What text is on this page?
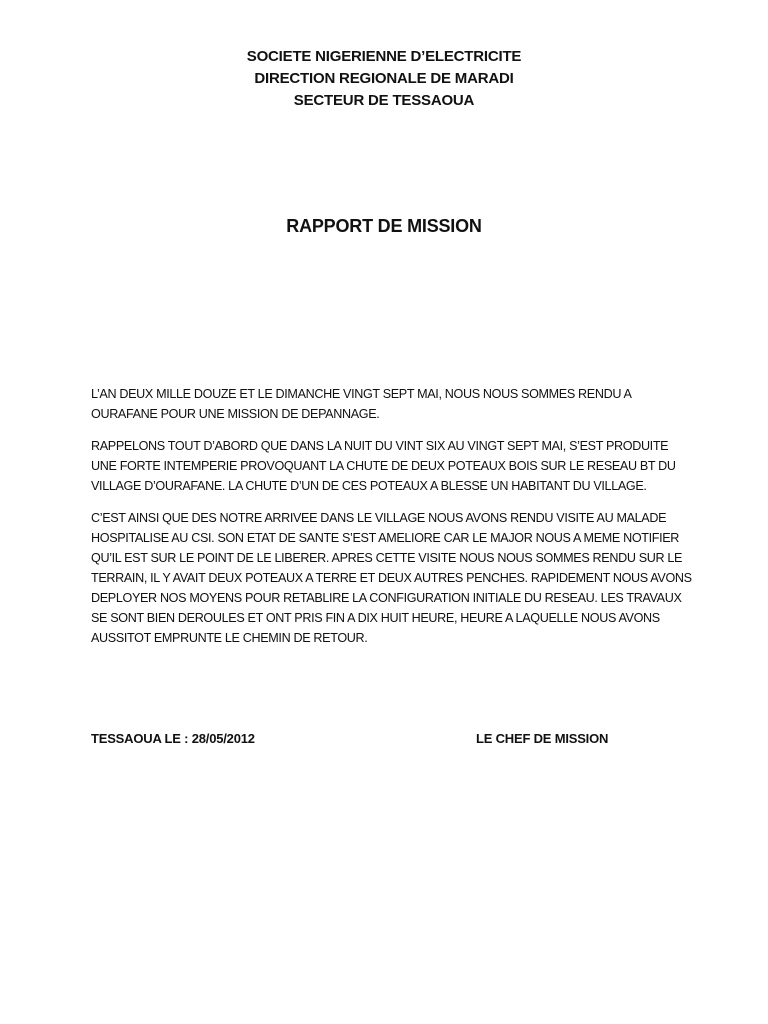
SOCIETE NIGERIENNE D’ELECTRICITE
DIRECTION REGIONALE DE MARADI
SECTEUR DE TESSAOUA
RAPPORT DE MISSION

L’AN DEUX MILLE DOUZE ET LE DIMANCHE VINGT SEPT MAI, NOUS NOUS SOMMES RENDU A
OURAFANE POUR UNE MISSION DE DEPANNAGE.

RAPPELONS TOUT D’ABORD QUE DANS LA NUIT DU VINT SIX AU VINGT SEPT MAI, S’EST PRODUITE
UNE FORTE INTEMPERIE PROVOQUANT LA CHUTE DE DEUX POTEAUX BOIS SUR LE RESEAU BT DU
VILLAGE D’OURAFANE. LA CHUTE D’UN DE CES POTEAUX A BLESSE UN HABITANT DU VILLAGE.

C’EST AINSI QUE DES NOTRE ARRIVEE DANS LE VILLAGE NOUS AVONS RENDU VISITE AU MALADE
HOSPITALISE AU CSI. SON ETAT DE SANTE S’EST AMELIORE CAR LE MAJOR NOUS A MEME NOTIFIER
QU’IL EST SUR LE POINT DE LE LIBERER. APRES CETTE VISITE NOUS NOUS SOMMES RENDU SUR LE
TERRAIN, IL Y AVAIT DEUX POTEAUX A TERRE ET DEUX AUTRES PENCHES. RAPIDEMENT NOUS AVONS
DEPLOYER NOS MOYENS POUR RETABLIRE LA CONFIGURATION INITIALE DU RESEAU. LES TRAVAUX
SE SONT BIEN DEROULES ET ONT PRIS FIN A DIX HUIT HEURE, HEURE A LAQUELLE NOUS AVONS
AUSSITOT EMPRUNTE LE CHEMIN DE RETOUR.

TESSAOUA LE : 28/05/2012	LE CHEF DE MISSION
